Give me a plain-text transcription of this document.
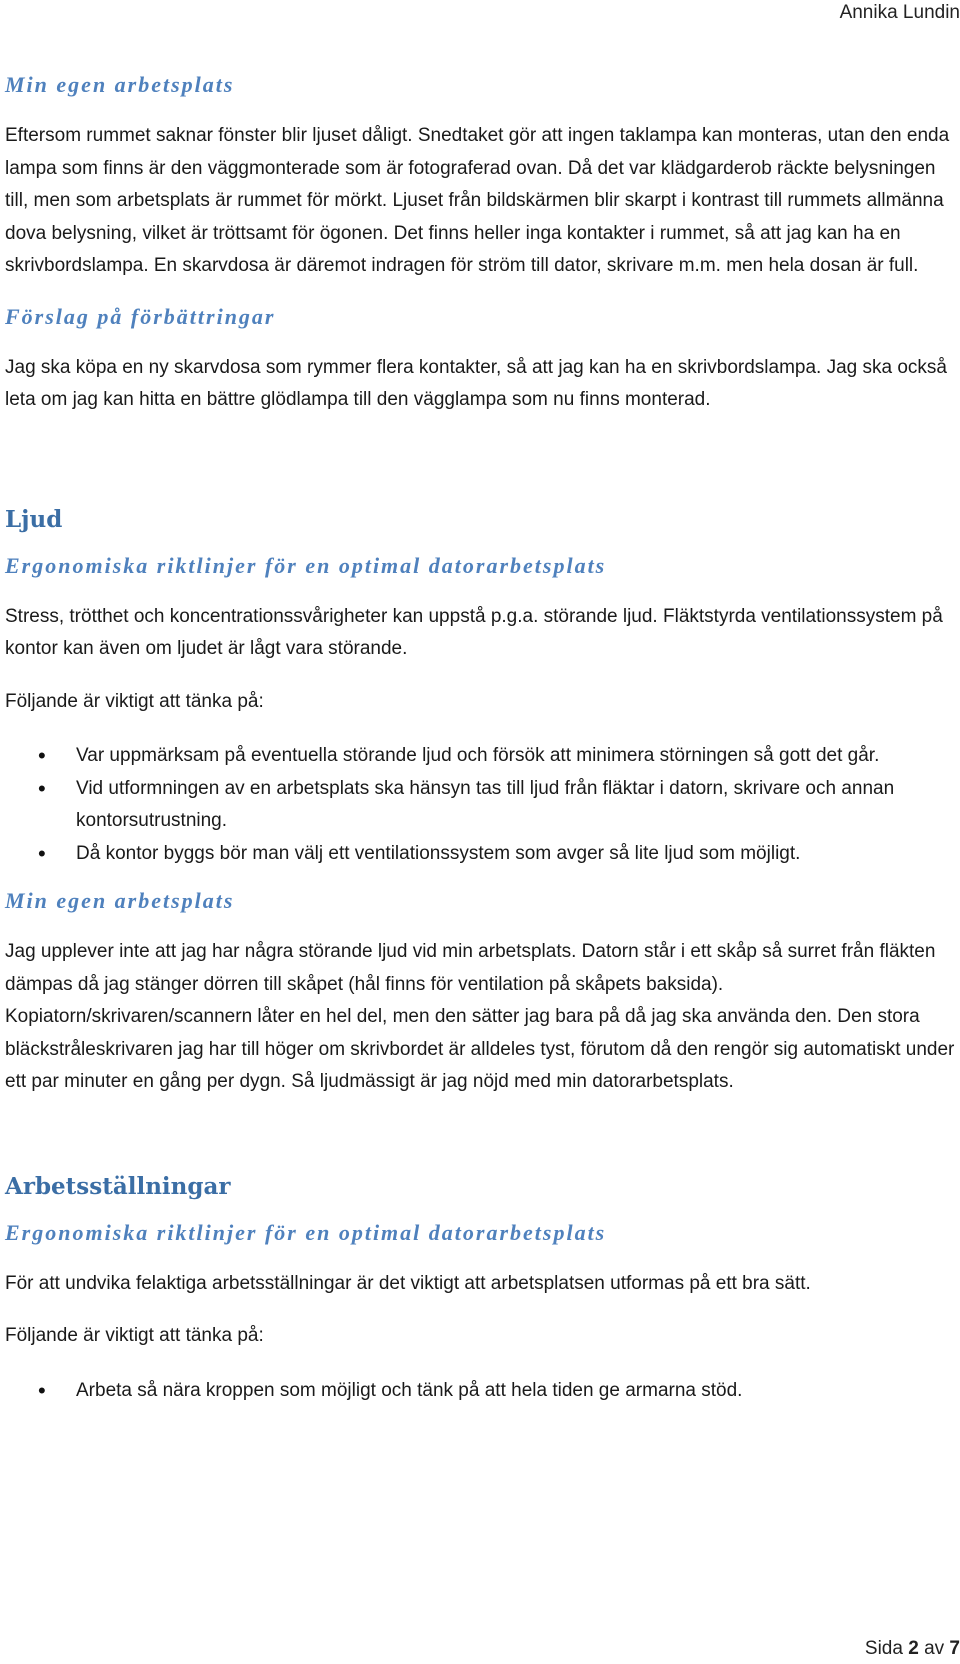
Annika Lundin
Min egen arbetsplats

Eftersom rummet saknar fönster blir ljuset dåligt. Snedtaket gör att ingen taklampa kan monteras, utan den enda lampa som finns är den väggmonterade som är fotograferad ovan. Då det var klädgarderob räckte belysningen till, men som arbetsplats är rummet för mörkt. Ljuset från bildskärmen blir skarpt i kontrast till rummets allmänna dova belysning, vilket är tröttsamt för ögonen. Det finns heller inga kontakter i rummet, så att jag kan ha en skrivbordslampa. En skarvdosa är däremot indragen för ström till dator, skrivare m.m. men hela dosan är full.

Förslag på förbättringar

Jag ska köpa en ny skarvdosa som rymmer flera kontakter, så att jag kan ha en skrivbordslampa. Jag ska också leta om jag kan hitta en bättre glödlampa till den vägglampa som nu finns monterad.

Ljud
Ergonomiska riktlinjer för en optimal datorarbetsplats

Stress, trötthet och koncentrationssvårigheter kan uppstå p.g.a. störande ljud. Fläktstyrda ventilationssystem på kontor kan även om ljudet är lågt vara störande.

Följande är viktigt att tänka på:

• Var uppmärksam på eventuella störande ljud och försök att minimera störningen så gott det går.
• Vid utformningen av en arbetsplats ska hänsyn tas till ljud från fläktar i datorn, skrivare och annan kontorsutrustning.
• Då kontor byggs bör man välj ett ventilationssystem som avger så lite ljud som möjligt.
Min egen arbetsplats

Jag upplever inte att jag har några störande ljud vid min arbetsplats. Datorn står i ett skåp så surret från fläkten dämpas då jag stänger dörren till skåpet (hål finns för ventilation på skåpets baksida). Kopiatorn/skrivaren/scannern låter en hel del, men den sätter jag bara på då jag ska använda den. Den stora bläckstråleskrivaren jag har till höger om skrivbordet är alldeles tyst, förutom då den rengör sig automatiskt under ett par minuter en gång per dygn. Så ljudmässigt är jag nöjd med min datorarbetsplats.

Arbetsställningar
Ergonomiska riktlinjer för en optimal datorarbetsplats

För att undvika felaktiga arbetsställningar är det viktigt att arbetsplatsen utformas på ett bra sätt.

Följande är viktigt att tänka på:

• Arbeta så nära kroppen som möjligt och tänk på att hela tiden ge armarna stöd.
Sida 2 av 7
